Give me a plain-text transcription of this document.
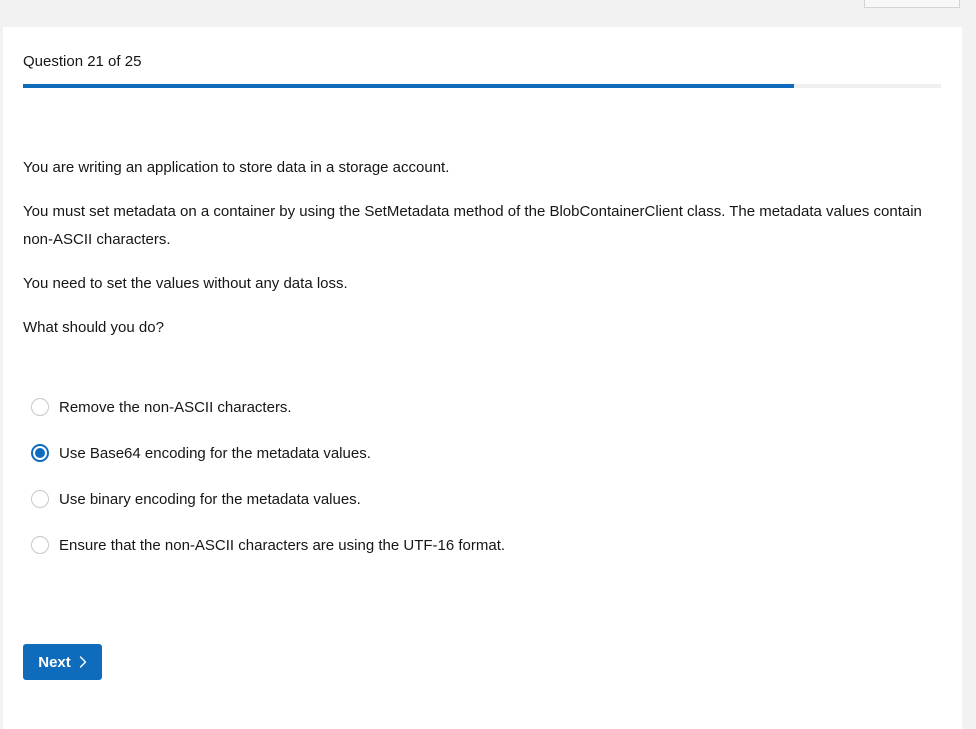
Question 21 of 25

You are writing an application to store data in a storage account.

You must set metadata on a container by using the SetMetadata method of the BlobContainerClient class. The metadata values contain non-ASCII characters.

You need to set the values without any data loss.

What should you do?

Remove the non-ASCII characters.
Use Base64 encoding for the metadata values.
Use binary encoding for the metadata values.
Ensure that the non-ASCII characters are using the UTF-16 format.
Next
